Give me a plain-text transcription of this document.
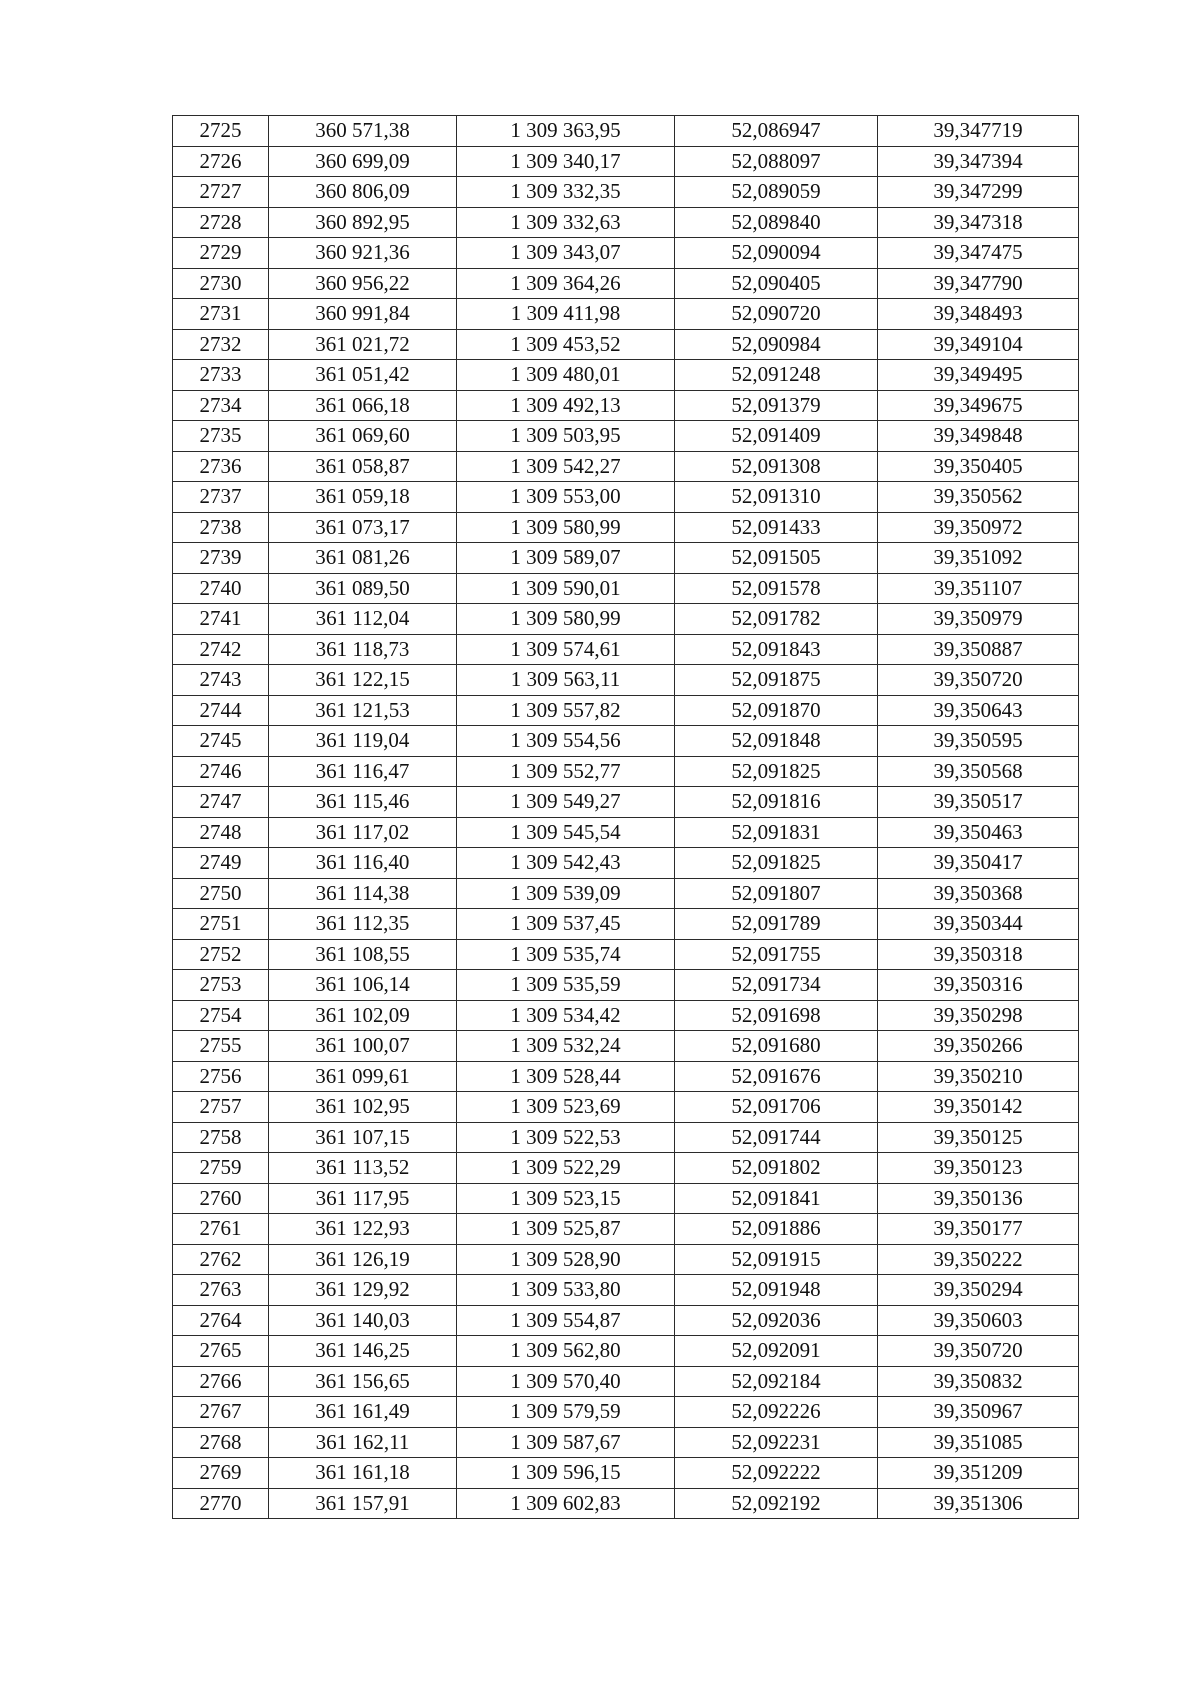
2725	360 571,38	1 309 363,95	52,086947	39,347719
2726	360 699,09	1 309 340,17	52,088097	39,347394
2727	360 806,09	1 309 332,35	52,089059	39,347299
2728	360 892,95	1 309 332,63	52,089840	39,347318
2729	360 921,36	1 309 343,07	52,090094	39,347475
2730	360 956,22	1 309 364,26	52,090405	39,347790
2731	360 991,84	1 309 411,98	52,090720	39,348493
2732	361 021,72	1 309 453,52	52,090984	39,349104
2733	361 051,42	1 309 480,01	52,091248	39,349495
2734	361 066,18	1 309 492,13	52,091379	39,349675
2735	361 069,60	1 309 503,95	52,091409	39,349848
2736	361 058,87	1 309 542,27	52,091308	39,350405
2737	361 059,18	1 309 553,00	52,091310	39,350562
2738	361 073,17	1 309 580,99	52,091433	39,350972
2739	361 081,26	1 309 589,07	52,091505	39,351092
2740	361 089,50	1 309 590,01	52,091578	39,351107
2741	361 112,04	1 309 580,99	52,091782	39,350979
2742	361 118,73	1 309 574,61	52,091843	39,350887
2743	361 122,15	1 309 563,11	52,091875	39,350720
2744	361 121,53	1 309 557,82	52,091870	39,350643
2745	361 119,04	1 309 554,56	52,091848	39,350595
2746	361 116,47	1 309 552,77	52,091825	39,350568
2747	361 115,46	1 309 549,27	52,091816	39,350517
2748	361 117,02	1 309 545,54	52,091831	39,350463
2749	361 116,40	1 309 542,43	52,091825	39,350417
2750	361 114,38	1 309 539,09	52,091807	39,350368
2751	361 112,35	1 309 537,45	52,091789	39,350344
2752	361 108,55	1 309 535,74	52,091755	39,350318
2753	361 106,14	1 309 535,59	52,091734	39,350316
2754	361 102,09	1 309 534,42	52,091698	39,350298
2755	361 100,07	1 309 532,24	52,091680	39,350266
2756	361 099,61	1 309 528,44	52,091676	39,350210
2757	361 102,95	1 309 523,69	52,091706	39,350142
2758	361 107,15	1 309 522,53	52,091744	39,350125
2759	361 113,52	1 309 522,29	52,091802	39,350123
2760	361 117,95	1 309 523,15	52,091841	39,350136
2761	361 122,93	1 309 525,87	52,091886	39,350177
2762	361 126,19	1 309 528,90	52,091915	39,350222
2763	361 129,92	1 309 533,80	52,091948	39,350294
2764	361 140,03	1 309 554,87	52,092036	39,350603
2765	361 146,25	1 309 562,80	52,092091	39,350720
2766	361 156,65	1 309 570,40	52,092184	39,350832
2767	361 161,49	1 309 579,59	52,092226	39,350967
2768	361 162,11	1 309 587,67	52,092231	39,351085
2769	361 161,18	1 309 596,15	52,092222	39,351209
2770	361 157,91	1 309 602,83	52,092192	39,351306
